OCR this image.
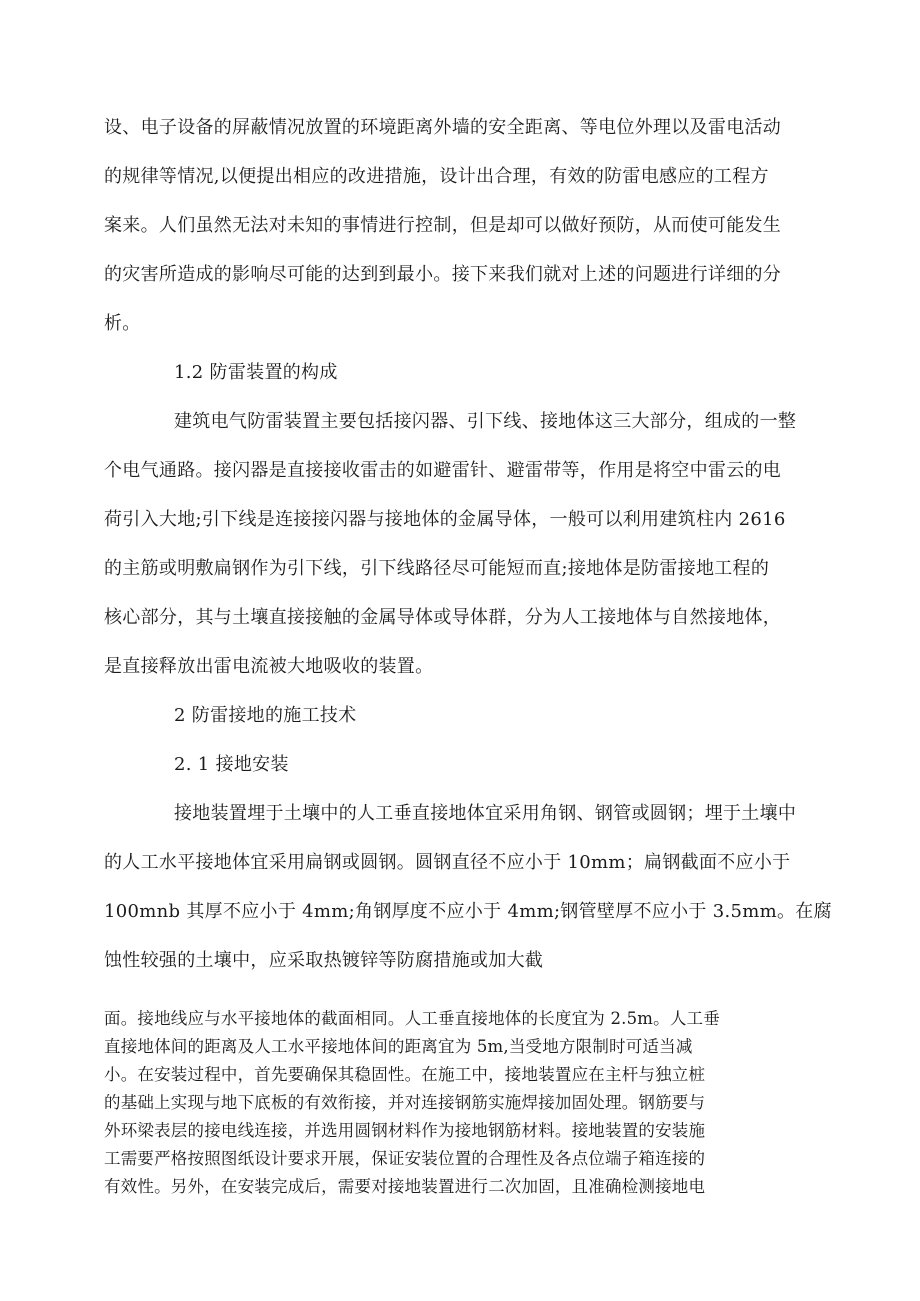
设、电子设备的屏蔽情况放置的环境距离外墙的安全距离、等电位外理以及雷电活动
的规律等情况,以便提出相应的改进措施，设计出合理，有效的防雷电感应的工程方
案来。人们虽然无法对未知的事情进行控制，但是却可以做好预防，从而使可能发生
的灾害所造成的影响尽可能的达到到最小。接下来我们就对上述的问题进行详细的分
析。
1.2 防雷装置的构成
建筑电气防雷装置主要包括接闪器、引下线、接地体这三大部分，组成的一整
个电气通路。接闪器是直接接收雷击的如避雷针、避雷带等，作用是将空中雷云的电
荷引入大地;引下线是连接接闪器与接地体的金属导体，一般可以利用建筑柱内 2616
的主筋或明敷扁钢作为引下线，引下线路径尽可能短而直;接地体是防雷接地工程的
核心部分，其与土壤直接接触的金属导体或导体群，分为人工接地体与自然接地体，
是直接释放出雷电流被大地吸收的装置。
2 防雷接地的施工技术
2. 1 接地安装
接地装置埋于土壤中的人工垂直接地体宜采用角钢、钢管或圆钢；埋于土壤中
的人工水平接地体宜采用扁钢或圆钢。圆钢直径不应小于 10mm；扁钢截面不应小于
100mnb 其厚不应小于 4mm;角钢厚度不应小于 4mm;钢管壁厚不应小于 3.5mm。在腐
蚀性较强的土壤中，应采取热镀锌等防腐措施或加大截
面。接地线应与水平接地体的截面相同。人工垂直接地体的长度宜为 2.5m。人工垂
直接地体间的距离及人工水平接地体间的距离宜为 5m,当受地方限制时可适当减
小。在安装过程中，首先要确保其稳固性。在施工中，接地装置应在主杆与独立桩
的基础上实现与地下底板的有效衔接，并对连接钢筋实施焊接加固处理。钢筋要与
外环梁表层的接电线连接，并选用圆钢材料作为接地钢筋材料。接地装置的安装施
工需要严格按照图纸设计要求开展，保证安装位置的合理性及各点位端子箱连接的
有效性。另外，在安装完成后，需要对接地装置进行二次加固，且准确检测接地电
